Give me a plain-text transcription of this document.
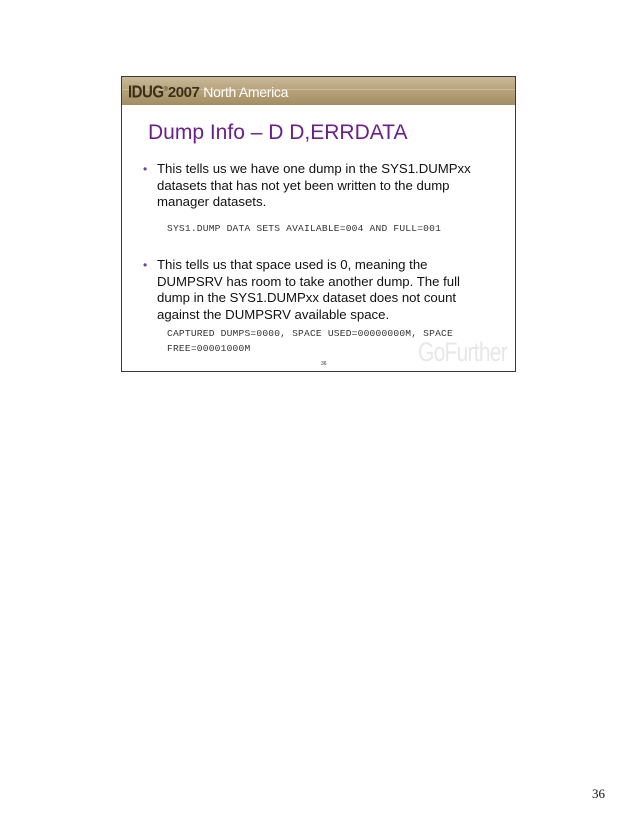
IDUG ® 2007 North America
Dump Info – D D,ERRDATA
• This tells us we have one dump in the SYS1.DUMPxx datasets that has not yet been written to the dump manager datasets.
SYS1.DUMP DATA SETS AVAILABLE=004 AND FULL=001
• This tells us that space used is 0, meaning the DUMPSRV has room to take another dump. The full dump in the SYS1.DUMPxx dataset does not count against the DUMPSRV available space.
CAPTURED DUMPS=0000, SPACE USED=00000000M, SPACE FREE=00001000M	GoFurther
36
36
